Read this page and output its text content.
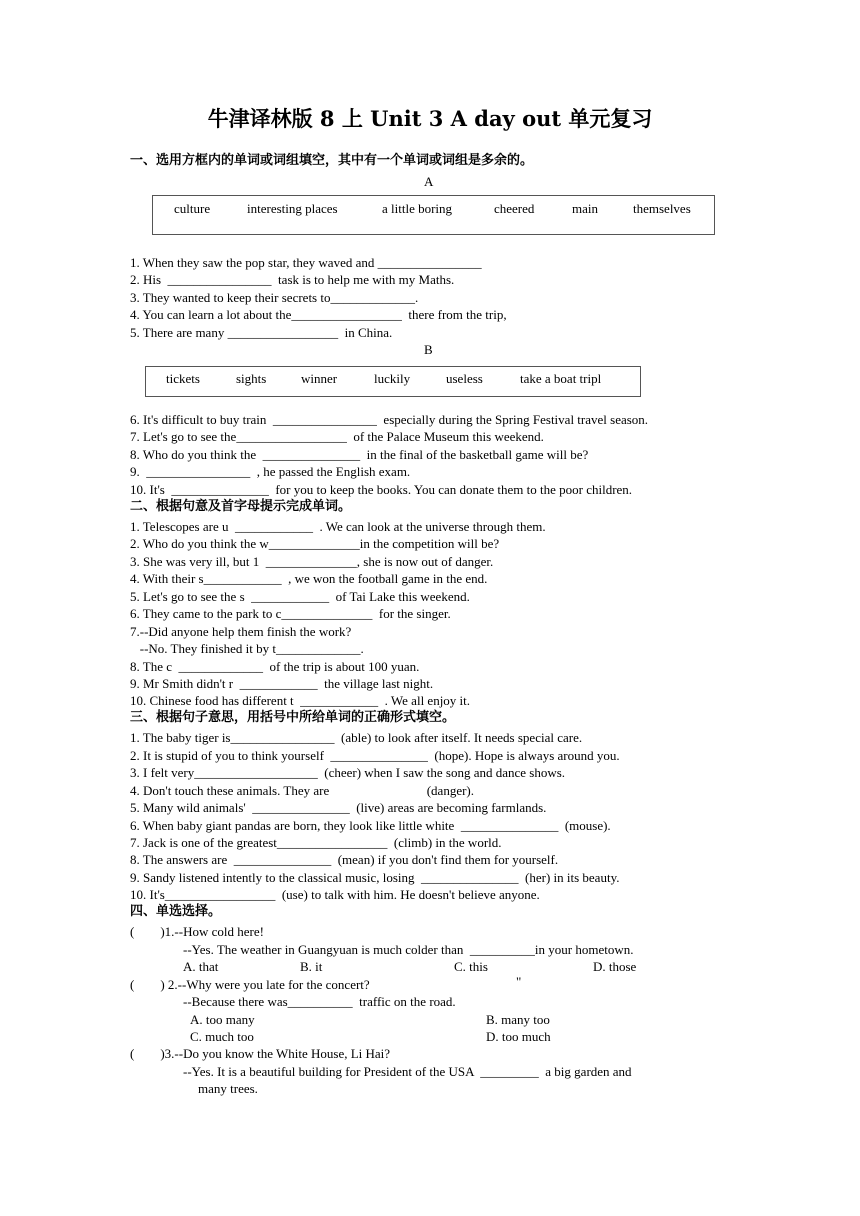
牛津译林版 8 上 Unit 3 A day out 单元复习
一、选用方框内的单词或词组填空，其中有一个单词或词组是多余的。
A
culture	interesting places	a little boring	cheered	main	themselves
1. When they saw the pop star, they waved and ________________
2. His  ________________  task is to help me with my Maths.
3. They wanted to keep their secrets to_____________.
4. You can learn a lot about the_________________  there from the trip,
5. There are many _________________  in China.
B
tickets	sights	winner	luckily	useless	take a boat tripl
6. It's difficult to buy train  ________________  especially during the Spring Festival travel season.
7. Let's go to see the_________________  of the Palace Museum this weekend.
8. Who do you think the  _______________  in the final of the basketball game will be?
9.  ________________  , he passed the English exam.
10. It's  _______________  for you to keep the books. You can donate them to the poor children.
二、根据句意及首字母提示完成单词。
1. Telescopes are u  ____________  . We can look at the universe through them.
2. Who do you think the w______________in the competition will be?
3. She was very ill, but 1  ______________, she is now out of danger.
4. With their s____________  , we won the football game in the end.
5. Let's go to see the s  ____________  of Tai Lake this weekend.
6. They came to the park to c______________  for the singer.
7.--Did anyone help them finish the work?
--No. They finished it by t_____________.
8. The c  _____________  of the trip is about 100 yuan.
9. Mr Smith didn't r  ____________  the village last night.
10. Chinese food has different t  ____________  . We all enjoy it.
三、根据句子意思，用括号中所给单词的正确形式填空。
1. The baby tiger is________________  (able) to look after itself. It needs special care.
2. It is stupid of you to think yourself  _______________  (hope). Hope is always around you.
3. I felt very___________________  (cheer) when I saw the song and dance shows.
4. Don't touch these animals. They are                              (danger).
5. Many wild animals'  _______________  (live) areas are becoming farmlands.
6. When baby giant pandas are born, they look like little white  _______________  (mouse).
7. Jack is one of the greatest_________________  (climb) in the world.
8. The answers are  _______________  (mean) if you don't find them for yourself.
9. Sandy listened intently to the classical music, losing  _______________  (her) in its beauty.
10. It's_________________  (use) to talk with him. He doesn't believe anyone.
四、单选选择。
(        )1.--How cold here!
--Yes. The weather in Guangyuan is much colder than  __________in your hometown.
A. that	B. it	C. this	D. those
(        ) 2.--Why were you late for the concert?	"
--Because there was__________  traffic on the road.
A. too many	B. many too
C. much too	D. too much
(        )3.--Do you know the White House, Li Hai?
--Yes. It is a beautiful building for President of the USA  _________  a big garden and
many trees.
